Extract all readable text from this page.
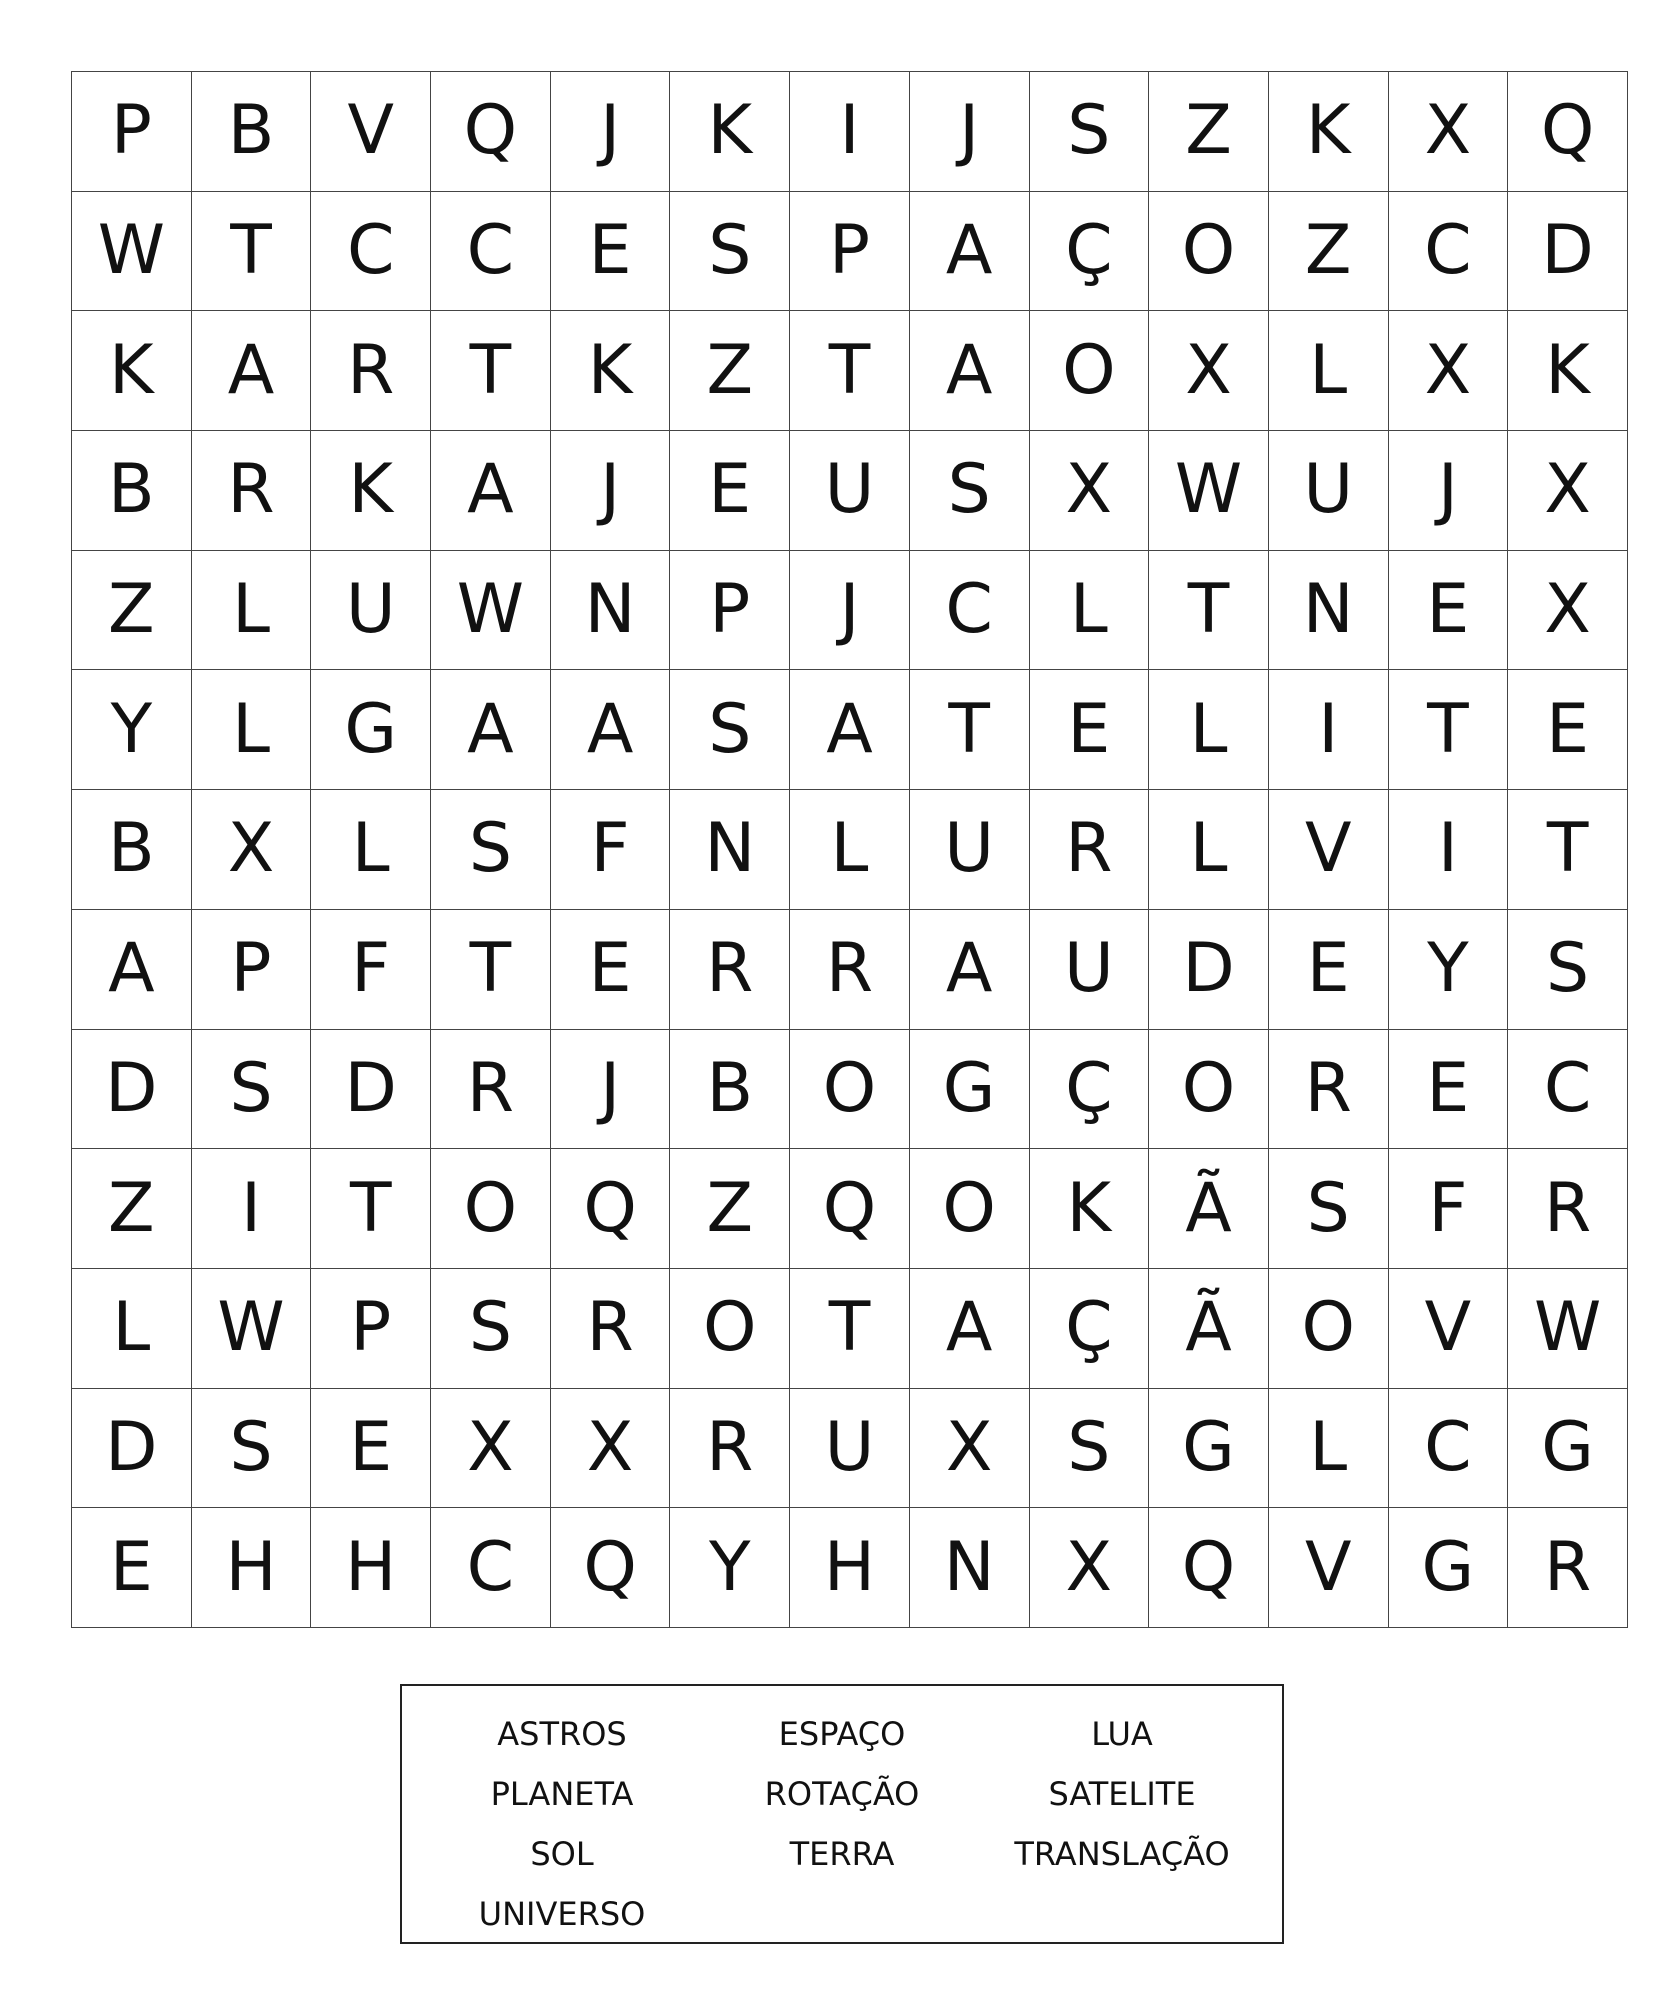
P	B	V	Q	J	K	I	J	S	Z	K	X	Q
W	T	C	C	E	S	P	A	Ç	O	Z	C	D
K	A	R	T	K	Z	T	A	O	X	L	X	K
B	R	K	A	J	E	U	S	X	W	U	J	X
Z	L	U	W	N	P	J	C	L	T	N	E	X
Y	L	G	A	A	S	A	T	E	L	I	T	E
B	X	L	S	F	N	L	U	R	L	V	I	T
A	P	F	T	E	R	R	A	U	D	E	Y	S
D	S	D	R	J	B	O	G	Ç	O	R	E	C
Z	I	T	O	Q	Z	Q	O	K	Ã	S	F	R
L	W	P	S	R	O	T	A	Ç	Ã	O	V	W
D	S	E	X	X	R	U	X	S	G	L	C	G
E	H	H	C	Q	Y	H	N	X	Q	V	G	R
ASTROS
PLANETA
SOL
UNIVERSO
ESPAÇO
ROTAÇÃO
TERRA
LUA
SATELITE
TRANSLAÇÃO
